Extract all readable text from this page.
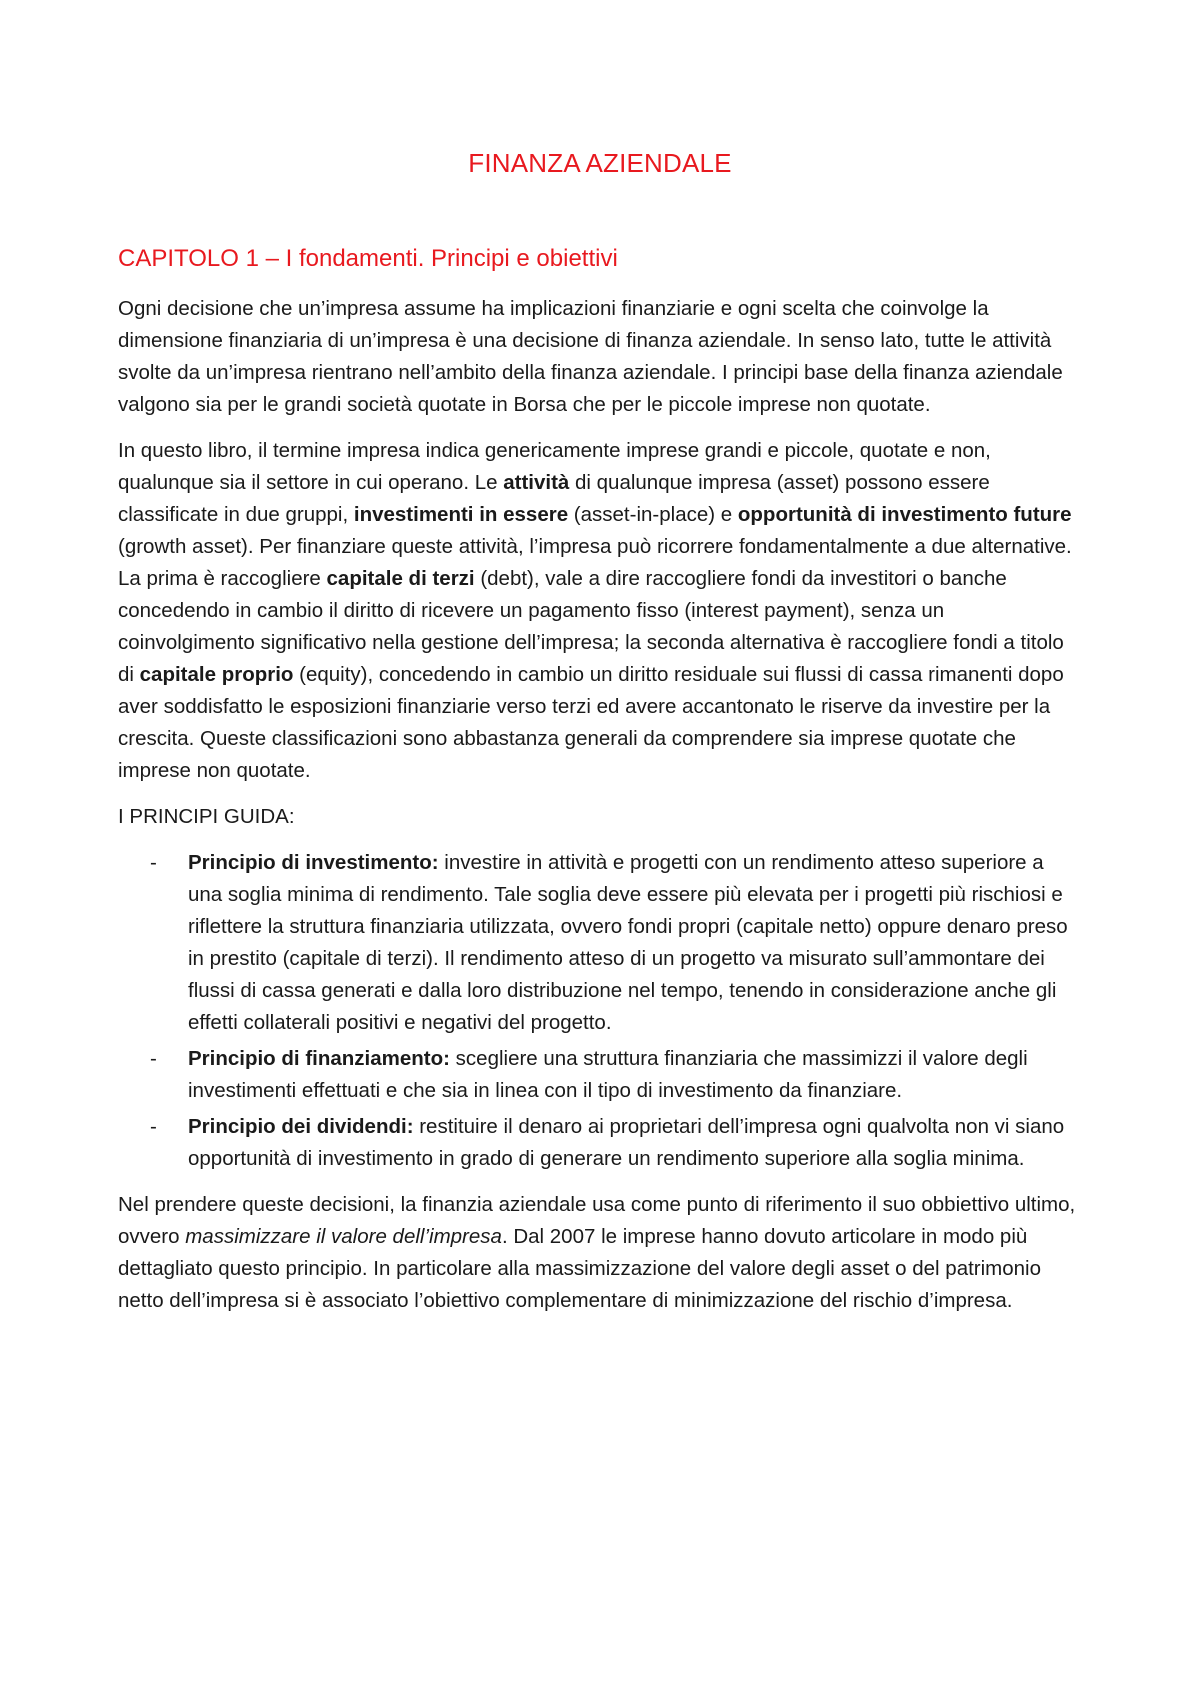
FINANZA AZIENDALE
CAPITOLO 1 – I fondamenti. Principi e obiettivi

Ogni decisione che un’impresa assume ha implicazioni finanziarie e ogni scelta che coinvolge la dimensione finanziaria di un’impresa è una decisione di finanza aziendale. In senso lato, tutte le attività svolte da un’impresa rientrano nell’ambito della finanza aziendale. I principi base della finanza aziendale valgono sia per le grandi società quotate in Borsa che per le piccole imprese non quotate.

In questo libro, il termine impresa indica genericamente imprese grandi e piccole, quotate e non, qualunque sia il settore in cui operano. Le attività di qualunque impresa (asset) possono essere classificate in due gruppi, investimenti in essere (asset-in-place) e opportunità di investimento future (growth asset). Per finanziare queste attività, l’impresa può ricorrere fondamentalmente a due alternative. La prima è raccogliere capitale di terzi (debt), vale a dire raccogliere fondi da investitori o banche concedendo in cambio il diritto di ricevere un pagamento fisso (interest payment), senza un coinvolgimento significativo nella gestione dell’impresa; la seconda alternativa è raccogliere fondi a titolo di capitale proprio (equity), concedendo in cambio un diritto residuale sui flussi di cassa rimanenti dopo aver soddisfatto le esposizioni finanziarie verso terzi ed avere accantonato le riserve da investire per la crescita. Queste classificazioni sono abbastanza generali da comprendere sia imprese quotate che imprese non quotate.

I PRINCIPI GUIDA:

- Principio di investimento: investire in attività e progetti con un rendimento atteso superiore a una soglia minima di rendimento. Tale soglia deve essere più elevata per i progetti più rischiosi e riflettere la struttura finanziaria utilizzata, ovvero fondi propri (capitale netto) oppure denaro preso in prestito (capitale di terzi). Il rendimento atteso di un progetto va misurato sull’ammontare dei flussi di cassa generati e dalla loro distribuzione nel tempo, tenendo in considerazione anche gli effetti collaterali positivi e negativi del progetto.
- Principio di finanziamento: scegliere una struttura finanziaria che massimizzi il valore degli investimenti effettuati e che sia in linea con il tipo di investimento da finanziare.
- Principio dei dividendi: restituire il denaro ai proprietari dell’impresa ogni qualvolta non vi siano opportunità di investimento in grado di generare un rendimento superiore alla soglia minima.

Nel prendere queste decisioni, la finanzia aziendale usa come punto di riferimento il suo obbiettivo ultimo, ovvero massimizzare il valore dell’impresa. Dal 2007 le imprese hanno dovuto articolare in modo più dettagliato questo principio. In particolare alla massimizzazione del valore degli asset o del patrimonio netto dell’impresa si è associato l’obiettivo complementare di minimizzazione del rischio d’impresa.
